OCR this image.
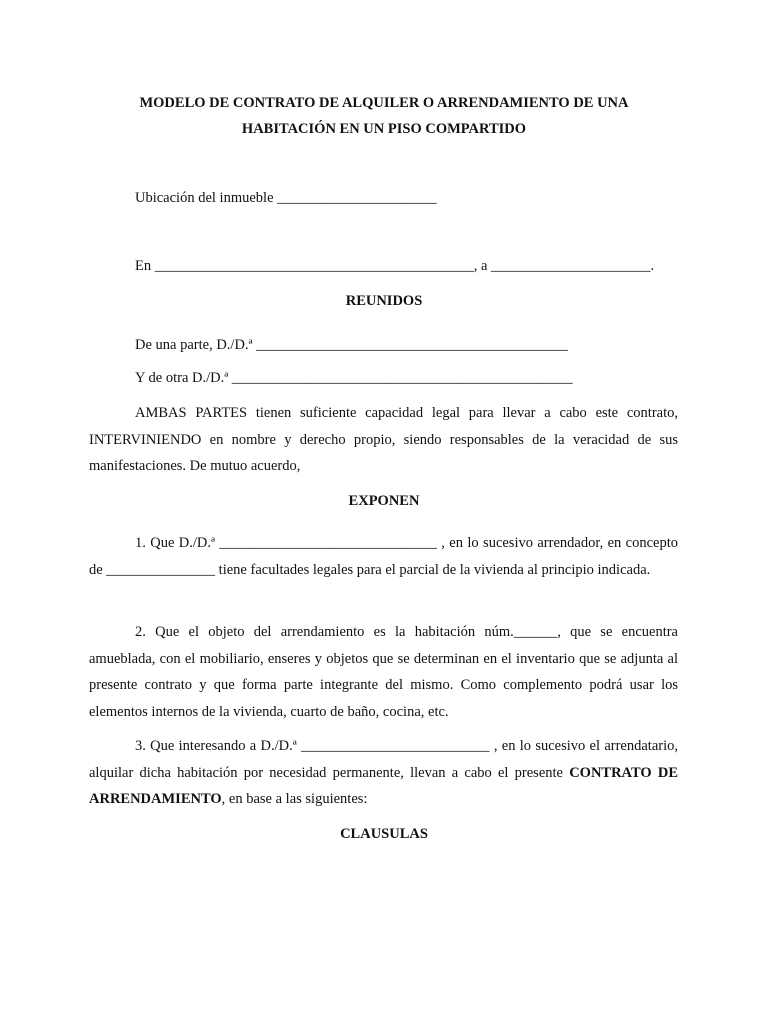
MODELO DE CONTRATO DE ALQUILER O ARRENDAMIENTO DE UNA
HABITACIÓN EN UN PISO COMPARTIDO
Ubicación del inmueble ______________________
En ____________________________________________, a ______________________.
REUNIDOS
De una parte, D./D.ª ___________________________________________
Y de otra D./D.ª _______________________________________________

AMBAS PARTES tienen suficiente capacidad legal para llevar a cabo este contrato, INTERVINIENDO en nombre y derecho propio, siendo responsables de la veracidad de sus manifestaciones. De mutuo acuerdo,

EXPONEN

1. Que D./D.ª ______________________________ , en lo sucesivo arrendador, en concepto de _______________ tiene facultades legales para el parcial de la vivienda al principio indicada.

2. Que el objeto del arrendamiento es la habitación núm.______, que se encuentra amueblada, con el mobiliario, enseres y objetos que se determinan en el inventario que se adjunta al presente contrato y que forma parte integrante del mismo. Como complemento podrá usar los elementos internos de la vivienda, cuarto de baño, cocina, etc.

3. Que interesando a D./D.ª __________________________ , en lo sucesivo el arrendatario, alquilar dicha habitación por necesidad permanente, llevan a cabo el presente CONTRATO DE ARRENDAMIENTO, en base a las siguientes:

CLAUSULAS
